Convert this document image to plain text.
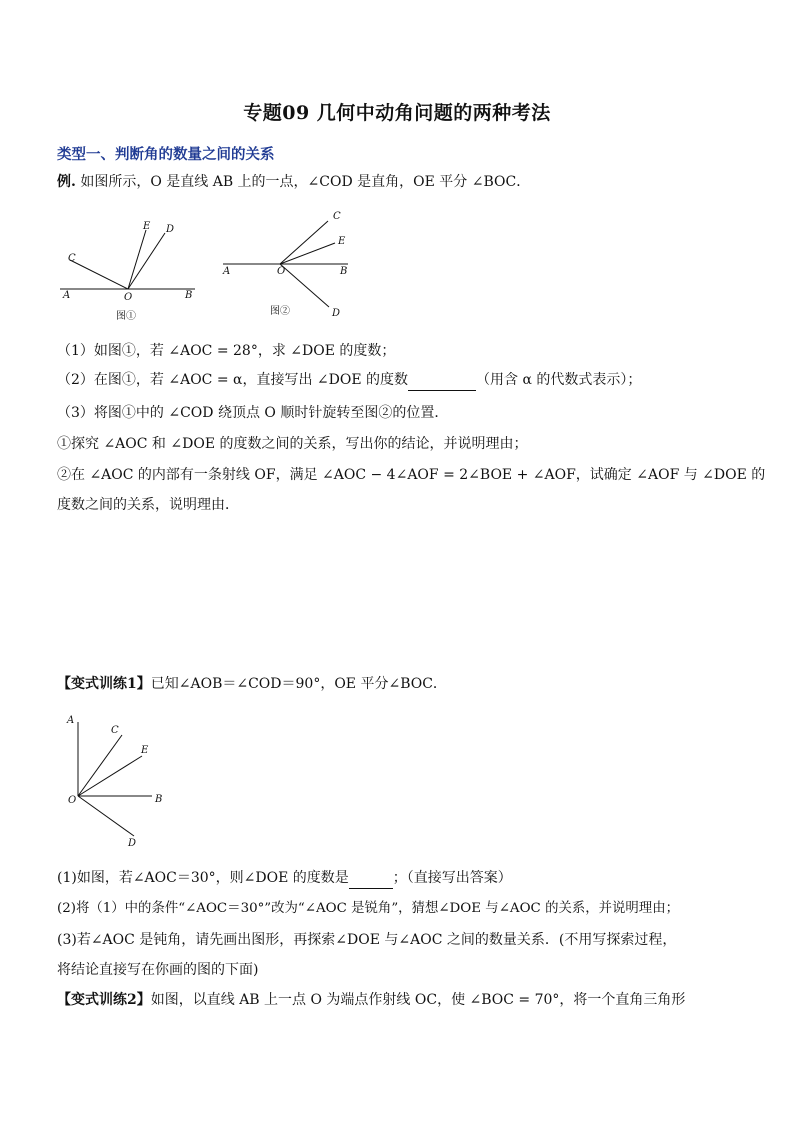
专题09 几何中动角问题的两种考法
类型一、判断角的数量之间的关系
例. 如图所示，O 是直线 AB 上的一点，∠COD 是直角，OE 平分 ∠BOC．
C
E D
A	O	B
图①
C
E
A	O	B
D
图②
（1）如图①，若 ∠AOC = 28°，求 ∠DOE 的度数；
（2）在图①，若 ∠AOC = α，直接写出 ∠DOE 的度数	（用含 α 的代数式表示）；
（3）将图①中的 ∠COD 绕顶点 O 顺时针旋转至图②的位置．
①探究 ∠AOC 和 ∠DOE 的度数之间的关系，写出你的结论，并说明理由；
②在 ∠AOC 的内部有一条射线 OF，满足 ∠AOC − 4∠AOF = 2∠BOE + ∠AOF，试确定 ∠AOF 与 ∠DOE 的
度数之间的关系，说明理由．
【变式训练1】已知∠AOB＝∠COD＝90°，OE 平分∠BOC．
A
C
E
O	B
D
(1)如图，若∠AOC＝30°，则∠DOE 的度数是	；（直接写出答案）
(2)将（1）中的条件“∠AOC＝30°”改为“∠AOC 是锐角”，猜想∠DOE 与∠AOC 的关系，并说明理由；
(3)若∠AOC 是钝角，请先画出图形，再探索∠DOE 与∠AOC 之间的数量关系．(不用写探索过程，
将结论直接写在你画的图的下面)
【变式训练2】如图，以直线 AB 上一点 O 为端点作射线 OC，使 ∠BOC = 70°，将一个直角三角形
